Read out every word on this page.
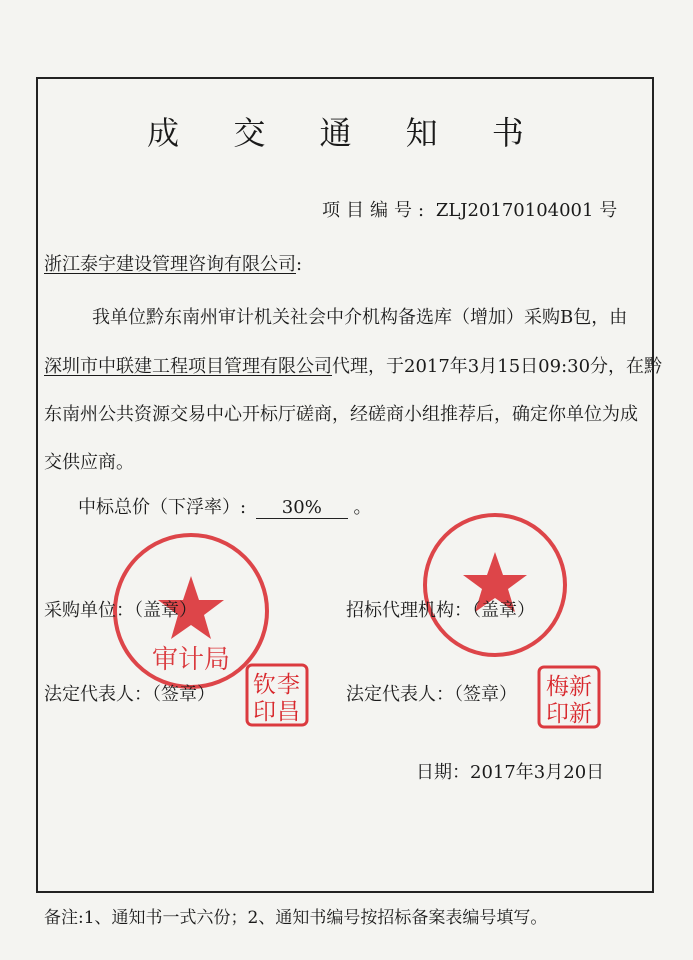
成 交 通 知 书
项目编号: ZLJ20170104001 号
浙江泰宇建设管理咨询有限公司:
我单位黔东南州审计机关社会中介机构备选库（增加）采购B包，由
深圳市中联建工程项目管理有限公司代理，于2017年3月15日09:30分，在黔
东南州公共资源交易中心开标厅磋商，经磋商小组推荐后，确定你单位为成
交供应商。
中标总价（下浮率）: 30% 。
审计局
采购单位：（盖章）	招标代理机构：（盖章）
法定代表人：（签章）	法定代表人：（签章）
钦李
印昌
梅新
印新
日期：2017年3月20日
备注:1、通知书一式六份；2、通知书编号按招标备案表编号填写。
